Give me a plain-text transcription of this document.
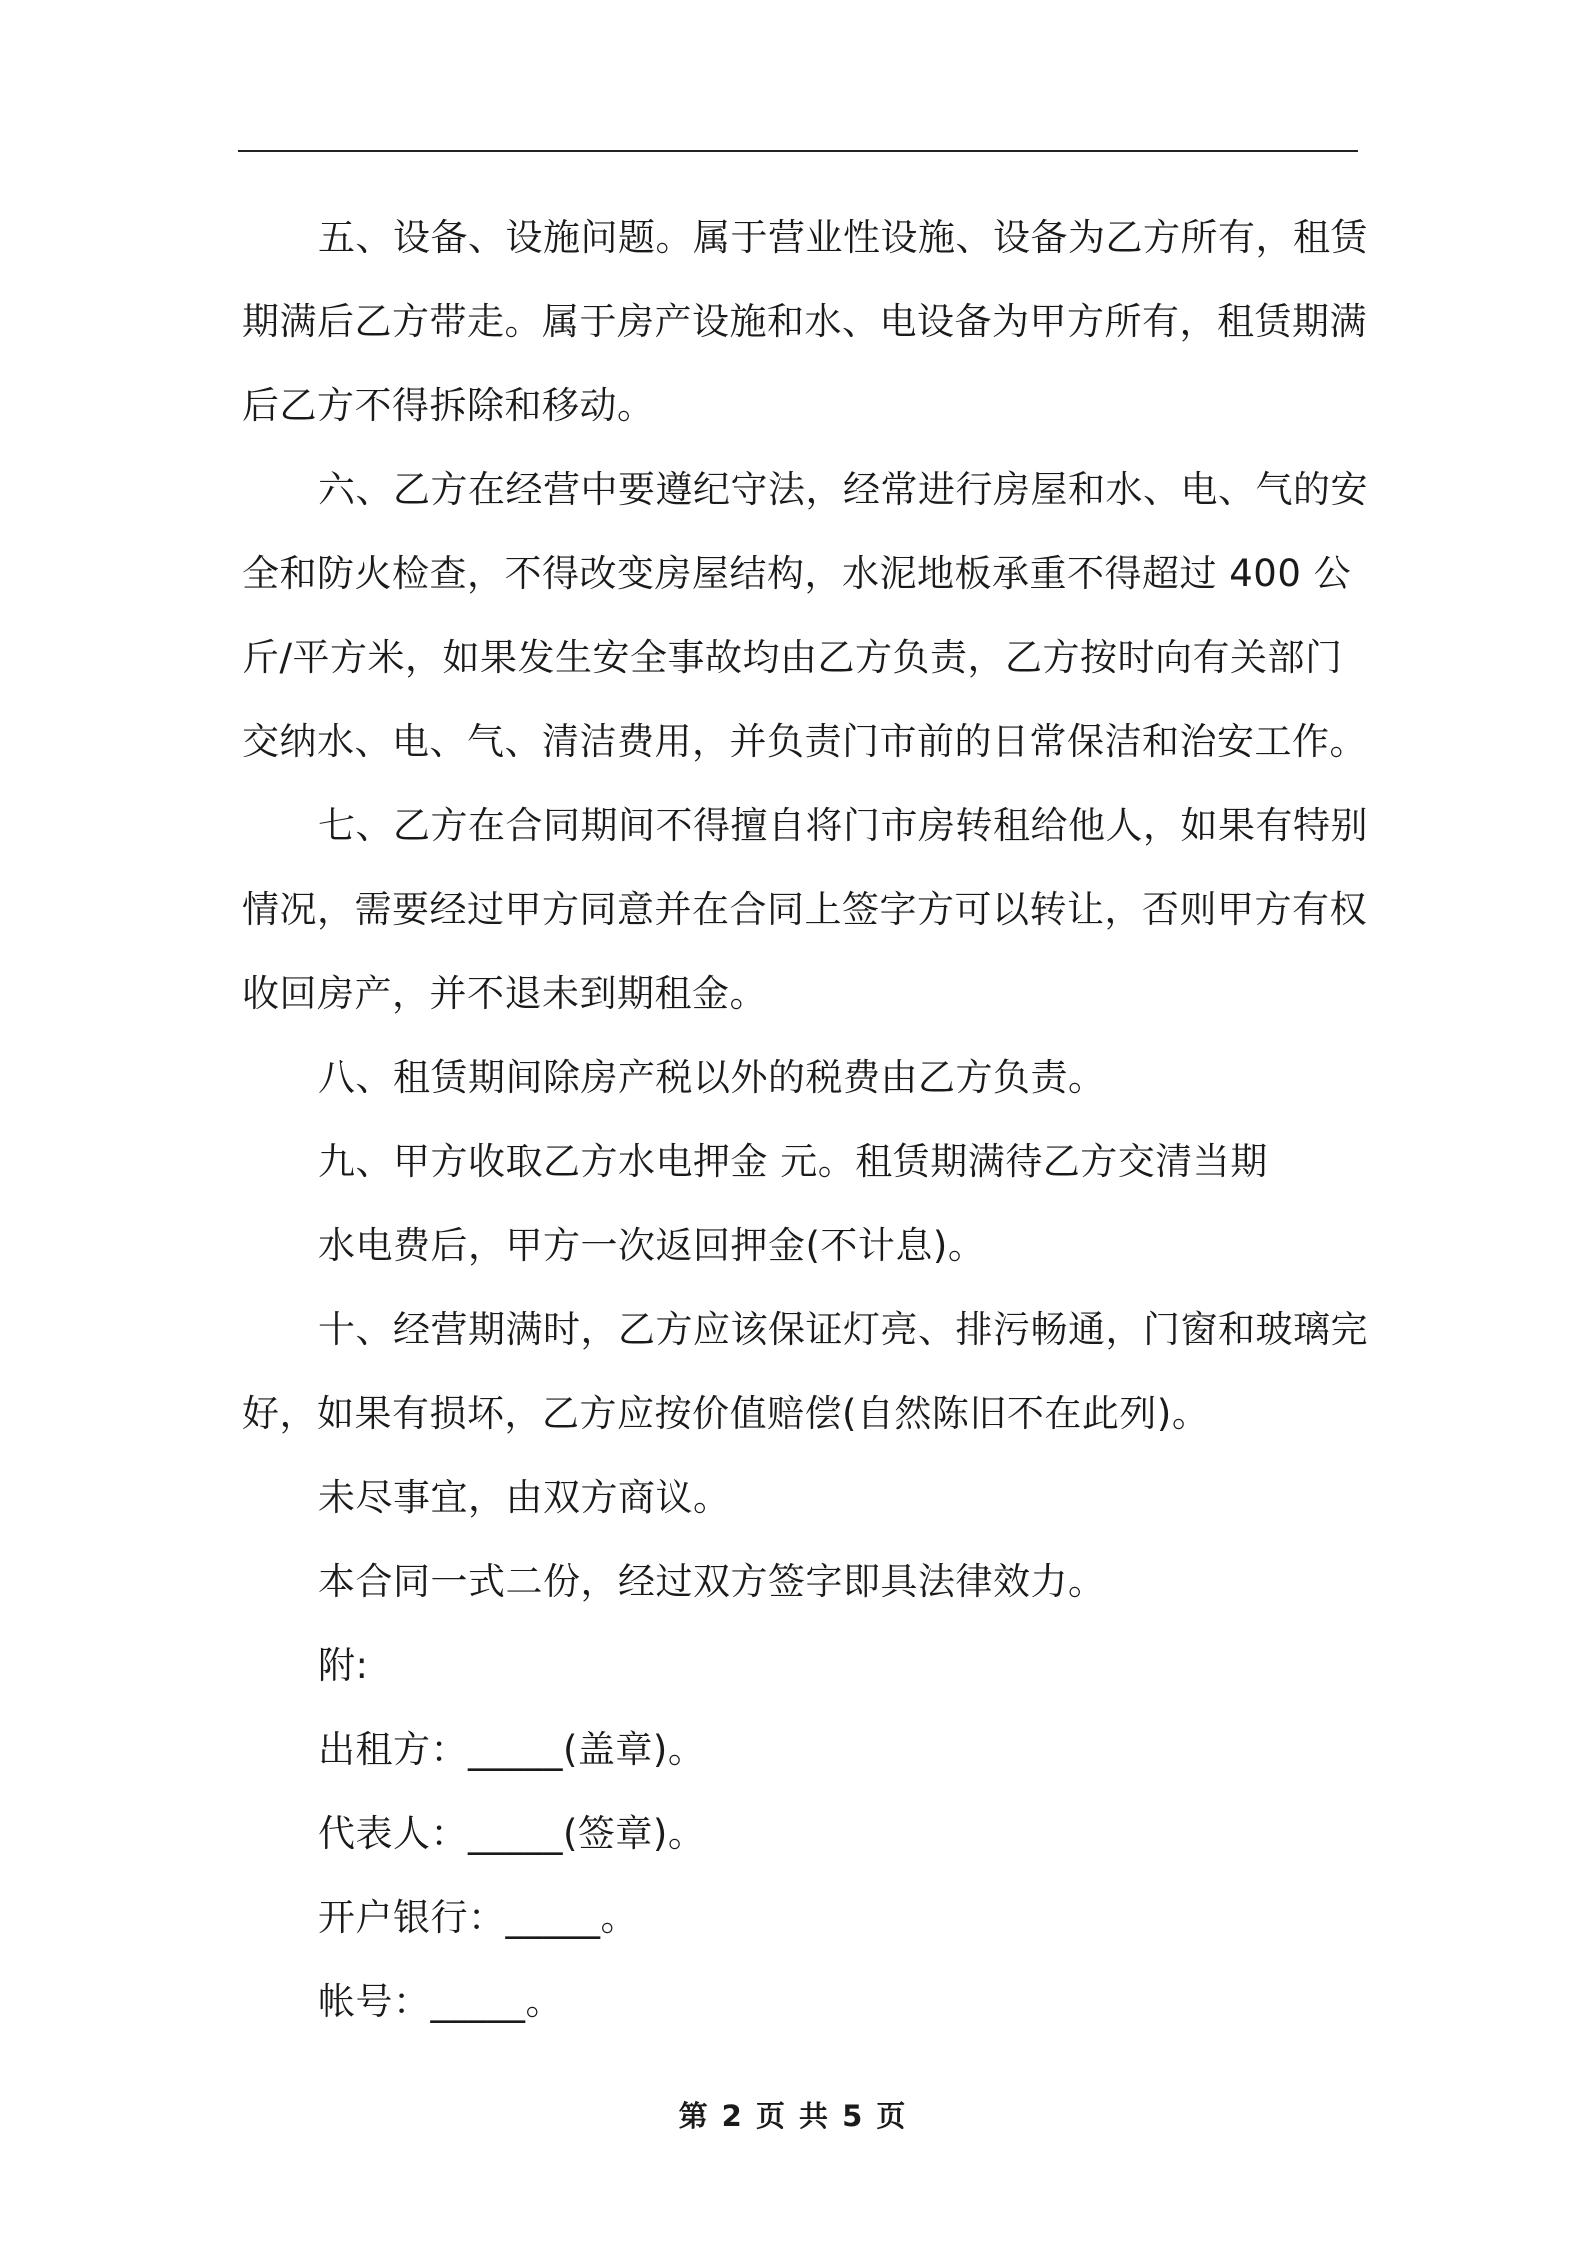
五、设备、设施问题。属于营业性设施、设备为乙方所有，租赁
期满后乙方带走。属于房产设施和水、电设备为甲方所有，租赁期满
后乙方不得拆除和移动。
六、乙方在经营中要遵纪守法，经常进行房屋和水、电、气的安
全和防火检查，不得改变房屋结构，水泥地板承重不得超过 400 公
斤/平方米，如果发生安全事故均由乙方负责，乙方按时向有关部门
交纳水、电、气、清洁费用，并负责门市前的日常保洁和治安工作。
七、乙方在合同期间不得擅自将门市房转租给他人，如果有特别
情况，需要经过甲方同意并在合同上签字方可以转让，否则甲方有权
收回房产，并不退未到期租金。
八、租赁期间除房产税以外的税费由乙方负责。
九、甲方收取乙方水电押金 元。租赁期满待乙方交清当期
水电费后，甲方一次返回押金(不计息)。
十、经营期满时，乙方应该保证灯亮、排污畅通，门窗和玻璃完
好，如果有损坏，乙方应按价值赔偿(自然陈旧不在此列)。
未尽事宜，由双方商议。
本合同一式二份，经过双方签字即具法律效力。
附:
出租方：_____(盖章)。
代表人：_____(签章)。
开户银行：_____。
帐号：_____。
第 2 页 共 5 页
